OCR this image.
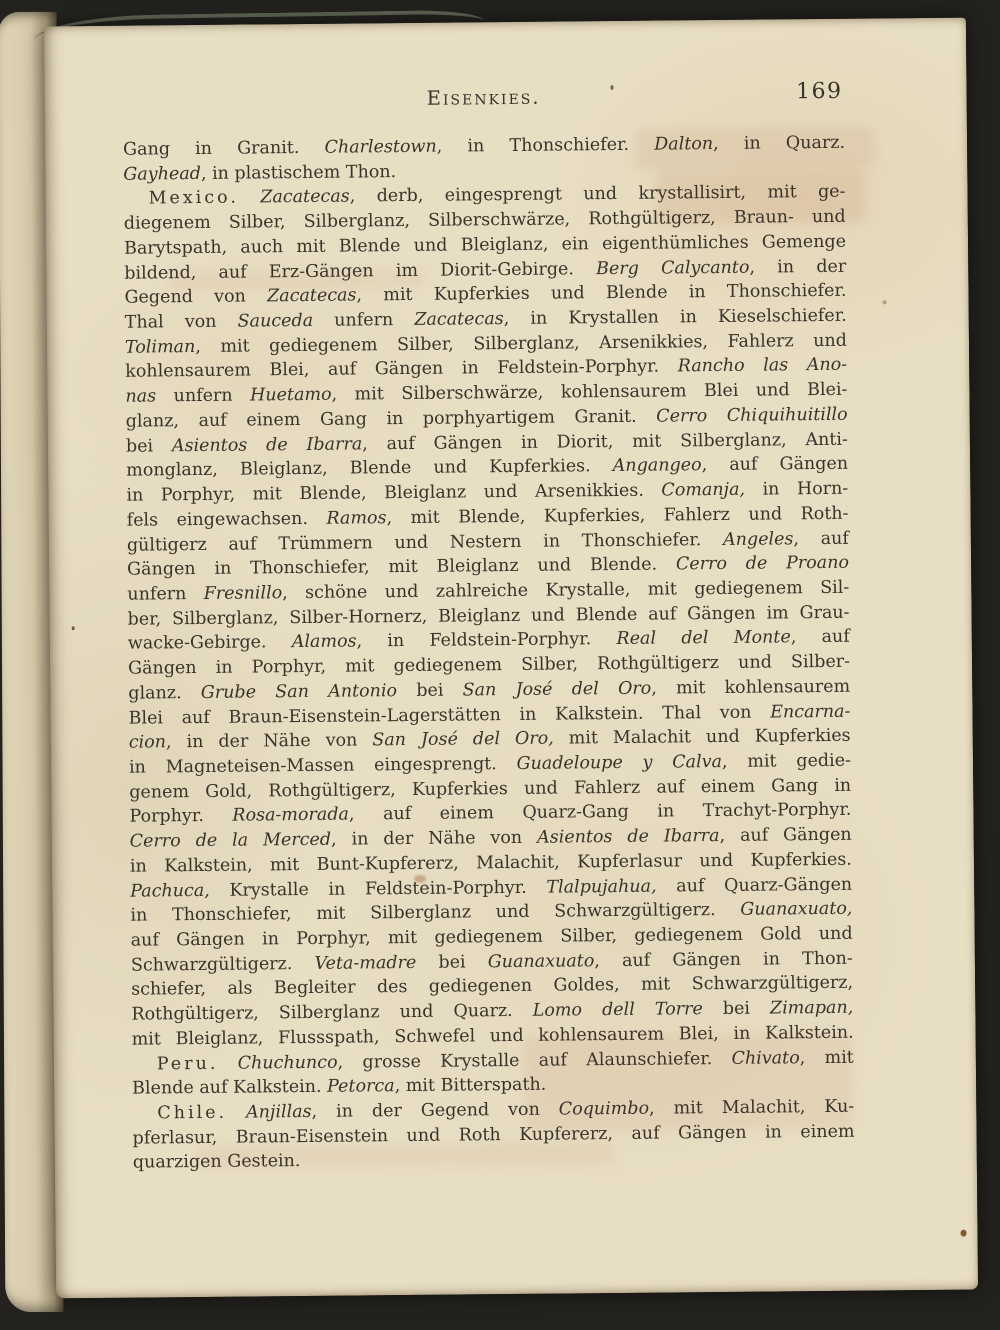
Eisenkies.	169
Gang in Granit. Charlestown, in Thonschiefer. Dalton, in Quarz.
Gayhead, in plastischem Thon.
Mexico. Zacatecas, derb, eingesprengt und krystallisirt, mit ge-
diegenem Silber, Silberglanz, Silberschwärze, Rothgültigerz, Braun- und
Barytspath, auch mit Blende und Bleiglanz, ein eigenthümliches Gemenge
bildend, auf Erz-Gängen im Diorit-Gebirge. Berg Calycanto, in der
Gegend von Zacatecas, mit Kupferkies und Blende in Thonschiefer.
Thal von Sauceda unfern Zacatecas, in Krystallen in Kieselschiefer.
Toliman, mit gediegenem Silber, Silberglanz, Arsenikkies, Fahlerz und
kohlensaurem Blei, auf Gängen in Feldstein-Porphyr. Rancho las Ano-
nas unfern Huetamo, mit Silberschwärze, kohlensaurem Blei und Blei-
glanz, auf einem Gang in porphyartigem Granit. Cerro Chiquihuitillo
bei Asientos de Ibarra, auf Gängen in Diorit, mit Silberglanz, Anti-
monglanz, Bleiglanz, Blende und Kupferkies. Angangeo, auf Gängen
in Porphyr, mit Blende, Bleiglanz und Arsenikkies. Comanja, in Horn-
fels eingewachsen. Ramos, mit Blende, Kupferkies, Fahlerz und Roth-
gültigerz auf Trümmern und Nestern in Thonschiefer. Angeles, auf
Gängen in Thonschiefer, mit Bleiglanz und Blende. Cerro de Proano
unfern Fresnillo, schöne und zahlreiche Krystalle, mit gediegenem Sil-
ber, Silberglanz, Silber-Hornerz, Bleiglanz und Blende auf Gängen im Grau-
wacke-Gebirge. Alamos, in Feldstein-Porphyr. Real del Monte, auf
Gängen in Porphyr, mit gediegenem Silber, Rothgültigerz und Silber-
glanz. Grube San Antonio bei San José del Oro, mit kohlensaurem
Blei auf Braun-Eisenstein-Lagerstätten in Kalkstein. Thal von Encarna-
cion, in der Nähe von San José del Oro, mit Malachit und Kupferkies
in Magneteisen-Massen eingesprengt. Guadeloupe y Calva, mit gedie-
genem Gold, Rothgültigerz, Kupferkies und Fahlerz auf einem Gang in
Porphyr. Rosa-morada, auf einem Quarz-Gang in Trachyt-Porphyr.
Cerro de la Merced, in der Nähe von Asientos de Ibarra, auf Gängen
in Kalkstein, mit Bunt-Kupfererz, Malachit, Kupferlasur und Kupferkies.
Pachuca, Krystalle in Feldstein-Porphyr. Tlalpujahua, auf Quarz-Gängen
in Thonschiefer, mit Silberglanz und Schwarzgültigerz. Guanaxuato,
auf Gängen in Porphyr, mit gediegenem Silber, gediegenem Gold und
Schwarzgültigerz. Veta-madre bei Guanaxuato, auf Gängen in Thon-
schiefer, als Begleiter des gediegenen Goldes, mit Schwarzgültigerz,
Rothgültigerz, Silberglanz und Quarz. Lomo dell Torre bei Zimapan,
mit Bleiglanz, Flussspath, Schwefel und kohlensaurem Blei, in Kalkstein.
Peru. Chuchunco, grosse Krystalle auf Alaunschiefer. Chivato, mit
Blende auf Kalkstein. Petorca, mit Bitterspath.
Chile. Anjillas, in der Gegend von Coquimbo, mit Malachit, Ku-
pferlasur, Braun-Eisenstein und Roth Kupfererz, auf Gängen in einem
quarzigen Gestein.
